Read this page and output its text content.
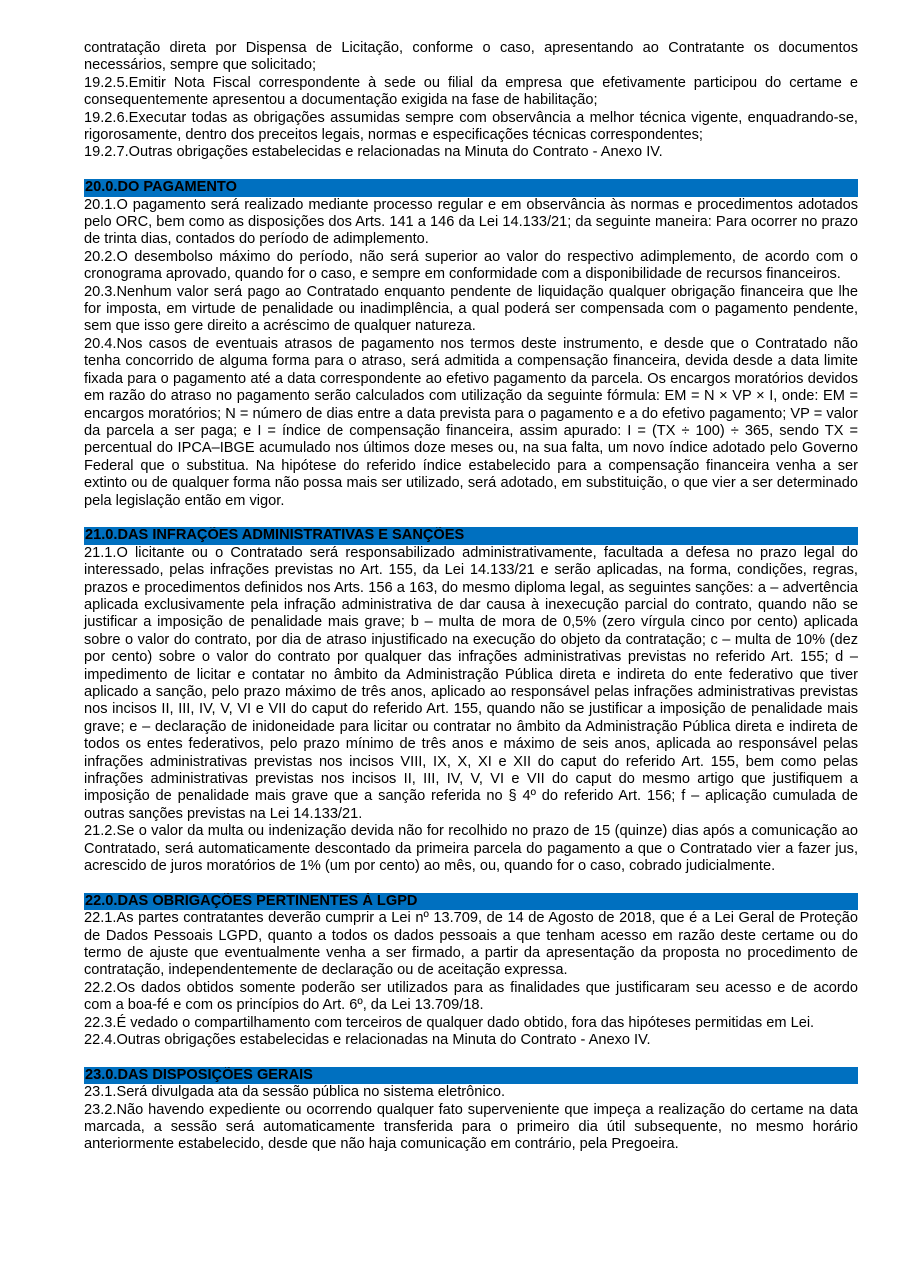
contratação direta por Dispensa de Licitação, conforme o caso, apresentando ao Contratante os documentos necessários, sempre que solicitado;

19.2.5.Emitir Nota Fiscal correspondente à sede ou filial da empresa que efetivamente participou do certame e consequentemente apresentou a documentação exigida na fase de habilitação;

19.2.6.Executar todas as obrigações assumidas sempre com observância a melhor técnica vigente, enquadrando-se, rigorosamente, dentro dos preceitos legais, normas e especificações técnicas correspondentes;

19.2.7.Outras obrigações estabelecidas e relacionadas na Minuta do Contrato - Anexo IV.

20.0.DO PAGAMENTO

20.1.O pagamento será realizado mediante processo regular e em observância às normas e procedimentos adotados pelo ORC, bem como as disposições dos Arts. 141 a 146 da Lei 14.133/21; da seguinte maneira: Para ocorrer no prazo de trinta dias, contados do período de adimplemento.

20.2.O desembolso máximo do período, não será superior ao valor do respectivo adimplemento, de acordo com o cronograma aprovado, quando for o caso, e sempre em conformidade com a disponibilidade de recursos financeiros.

20.3.Nenhum valor será pago ao Contratado enquanto pendente de liquidação qualquer obrigação financeira que lhe for imposta, em virtude de penalidade ou inadimplência, a qual poderá ser compensada com o pagamento pendente, sem que isso gere direito a acréscimo de qualquer natureza.

20.4.Nos casos de eventuais atrasos de pagamento nos termos deste instrumento, e desde que o Contratado não tenha concorrido de alguma forma para o atraso, será admitida a compensação financeira, devida desde a data limite fixada para o pagamento até a data correspondente ao efetivo pagamento da parcela. Os encargos moratórios devidos em razão do atraso no pagamento serão calculados com utilização da seguinte fórmula: EM = N × VP × I, onde: EM = encargos moratórios; N = número de dias entre a data prevista para o pagamento e a do efetivo pagamento; VP = valor da parcela a ser paga; e I = índice de compensação financeira, assim apurado: I = (TX ÷ 100) ÷ 365, sendo TX = percentual do IPCA–IBGE acumulado nos últimos doze meses ou, na sua falta, um novo índice adotado pelo Governo Federal que o substitua. Na hipótese do referido índice estabelecido para a compensação financeira venha a ser extinto ou de qualquer forma não possa mais ser utilizado, será adotado, em substituição, o que vier a ser determinado pela legislação então em vigor.

21.0.DAS INFRAÇÕES ADMINISTRATIVAS E SANÇÕES

21.1.O licitante ou o Contratado será responsabilizado administrativamente, facultada a defesa no prazo legal do interessado, pelas infrações previstas no Art. 155, da Lei 14.133/21 e serão aplicadas, na forma, condições, regras, prazos e procedimentos definidos nos Arts. 156 a 163, do mesmo diploma legal, as seguintes sanções: a – advertência aplicada exclusivamente pela infração administrativa de dar causa à inexecução parcial do contrato, quando não se justificar a imposição de penalidade mais grave; b – multa de mora de 0,5% (zero vírgula cinco por cento) aplicada sobre o valor do contrato, por dia de atraso injustificado na execução do objeto da contratação; c – multa de 10% (dez por cento) sobre o valor do contrato por qualquer das infrações administrativas previstas no referido Art. 155; d – impedimento de licitar e contatar no âmbito da Administração Pública direta e indireta do ente federativo que tiver aplicado a sanção, pelo prazo máximo de três anos, aplicado ao responsável pelas infrações administrativas previstas nos incisos II, III, IV, V, VI e VII do caput do referido Art. 155, quando não se justificar a imposição de penalidade mais grave; e – declaração de inidoneidade para licitar ou contratar no âmbito da Administração Pública direta e indireta de todos os entes federativos, pelo prazo mínimo de três anos e máximo de seis anos, aplicada ao responsável pelas infrações administrativas previstas nos incisos VIII, IX, X, XI e XII do caput do referido Art. 155, bem como pelas infrações administrativas previstas nos incisos II, III, IV, V, VI e VII do caput do mesmo artigo que justifiquem a imposição de penalidade mais grave que a sanção referida no § 4º do referido Art. 156; f – aplicação cumulada de outras sanções previstas na Lei 14.133/21.

21.2.Se o valor da multa ou indenização devida não for recolhido no prazo de 15 (quinze) dias após a comunicação ao Contratado, será automaticamente descontado da primeira parcela do pagamento a que o Contratado vier a fazer jus, acrescido de juros moratórios de 1% (um por cento) ao mês, ou, quando for o caso, cobrado judicialmente.

22.0.DAS OBRIGAÇÕES PERTINENTES À LGPD

22.1.As partes contratantes deverão cumprir a Lei nº 13.709, de 14 de Agosto de 2018, que é a Lei Geral de Proteção de Dados Pessoais LGPD, quanto a todos os dados pessoais a que tenham acesso em razão deste certame ou do termo de ajuste que eventualmente venha a ser firmado, a partir da apresentação da proposta no procedimento de contratação, independentemente de declaração ou de aceitação expressa.

22.2.Os dados obtidos somente poderão ser utilizados para as finalidades que justificaram seu acesso e de acordo com a boa-fé e com os princípios do Art. 6º, da Lei 13.709/18.

22.3.É vedado o compartilhamento com terceiros de qualquer dado obtido, fora das hipóteses permitidas em Lei.

22.4.Outras obrigações estabelecidas e relacionadas na Minuta do Contrato - Anexo IV.

23.0.DAS DISPOSIÇÕES GERAIS

23.1.Será divulgada ata da sessão pública no sistema eletrônico.

23.2.Não havendo expediente ou ocorrendo qualquer fato superveniente que impeça a realização do certame na data marcada, a sessão será automaticamente transferida para o primeiro dia útil subsequente, no mesmo horário anteriormente estabelecido, desde que não haja comunicação em contrário, pela Pregoeira.
